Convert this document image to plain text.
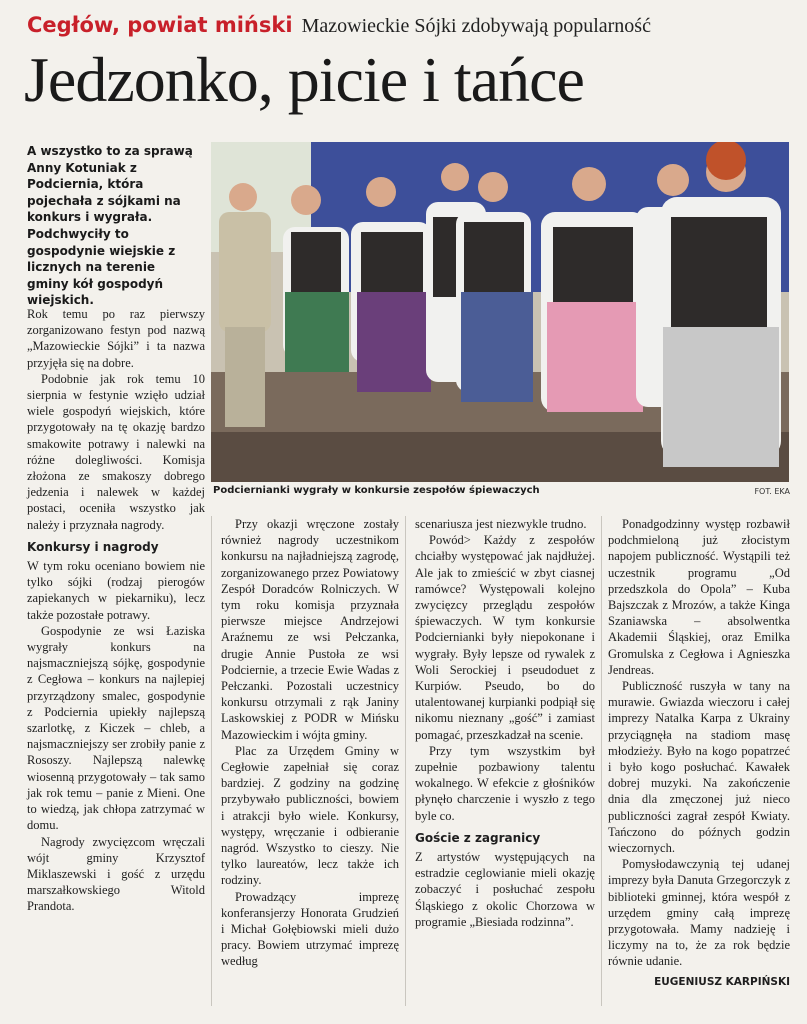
Cegłów, powiat miński Mazowieckie Sójki zdobywają popularność
Jedzonko, picie i tańce
A wszystko to za sprawą Anny Kotuniak z Podciernia, która pojechała z sójkami na konkurs i wygrała. Podchwyciły to gospodynie wiejskie z licznych na terenie gminy kół gospodyń wiejskich.
Podciernianki wygrały w konkursie zespołów śpiewaczych	FOT. EKA

Rok temu po raz pierwszy zorganizowano festyn pod nazwą „Mazowieckie Sójki” i ta nazwa przyjęła się na dobre.

Podobnie jak rok temu 10 sierpnia w festynie wzięło udział wiele gospodyń wiejskich, które przygotowały na tę okazję bardzo smakowite potrawy i nalewki na różne dolegliwości. Komisja złożona ze smakoszy dobrego jedzenia i nalewek w każdej postaci, oceniła wszystko jak należy i przyznała nagrody.

Konkursy i nagrody

W tym roku oceniano bowiem nie tylko sójki (rodzaj pierogów zapiekanych w piekarniku), lecz także pozostałe potrawy.

Gospodynie ze wsi Łaziska wygrały konkurs na najsmaczniejszą sójkę, gospodynie z Cegłowa – konkurs na najlepiej przyrządzony smalec, gospodynie z Podciernia upiekły najlepszą szarlotkę, z Kiczek – chleb, a najsmaczniejszy ser zrobiły panie z Rososzy. Najlepszą nalewkę wiosenną przygotowały – tak samo jak rok temu – panie z Mieni. One to wiedzą, jak chłopa zatrzymać w domu.

Nagrody zwycięzcom wręczali wójt gminy Krzysztof Miklaszewski i gość z urzędu marszałkowskiego Witold Prandota.

Przy okazji wręczone zostały również nagrody uczestnikom konkursu na najładniejszą zagrodę, zorganizowanego przez Powiatowy Zespół Doradców Rolniczych. W tym roku komisja przyznała pierwsze miejsce Andrzejowi Araźnemu ze wsi Pełczanka, drugie Annie Pustoła ze wsi Podciernie, a trzecie Ewie Wadas z Pełczanki. Pozostali uczestnicy konkursu otrzymali z rąk Janiny Laskowskiej z PODR w Mińsku Mazowieckim i wójta gminy.

Plac za Urzędem Gminy w Cegłowie zapełniał się coraz bardziej. Z godziny na godzinę przybywało publiczności, bowiem i atrakcji było wiele. Konkursy, występy, wręczanie i odbieranie nagród. Wszystko to cieszy. Nie tylko laureatów, lecz także ich rodziny.

Prowadzący imprezę konferansjerzy Honorata Grudzień i Michał Gołębiowski mieli dużo pracy. Bowiem utrzymać imprezę według

scenariusza jest niezwykle trudno.

Powód> Każdy z zespołów chciałby występować jak najdłużej. Ale jak to zmieścić w zbyt ciasnej ramówce? Występowali kolejno zwycięzcy przeglądu zespołów śpiewaczych. W tym konkursie Podciernianki były niepokonane i wygrały. Były lepsze od rywalek z Woli Serockiej i pseudoduet z Kurpiów. Pseudo, bo do utalentowanej kurpianki podpiął się nikomu nieznany „gość” i zamiast pomagać, przeszkadzał na scenie.

Przy tym wszystkim był zupełnie pozbawiony talentu wokalnego. W efekcie z głośników płynęło charczenie i wyszło z tego byle co.

Goście z zagranicy

Z artystów występujących na estradzie ceglowianie mieli okazję zobaczyć i posłuchać zespołu Śląskiego z okolic Chorzowa w programie „Biesiada rodzinna”.

Ponadgodzinny występ rozbawił podchmieloną już złocistym napojem publiczność. Wystąpili też uczestnik programu „Od przedszkola do Opola” – Kuba Bajszczak z Mrozów, a także Kinga Szaniawska – absolwentka Akademii Śląskiej, oraz Emilka Gromulska z Cegłowa i Agnieszka Jendreas.

Publiczność ruszyła w tany na murawie. Gwiazda wieczoru i całej imprezy Natalka Karpa z Ukrainy przyciągnęła na stadiom masę młodzieży. Było na kogo popatrzeć i było kogo posłuchać. Kawałek dobrej muzyki. Na zakończenie dnia dla zmęczonej już nieco publiczności zagrał zespół Kwiaty. Tańczono do późnych godzin wieczornych.

Pomysłodawczynią tej udanej imprezy była Danuta Grzegorczyk z biblioteki gminnej, która wespół z urzędem gminy całą imprezę przygotowała. Mamy nadzieję i liczymy na to, że za rok będzie równie udanie.

EUGENIUSZ KARPIŃSKI
